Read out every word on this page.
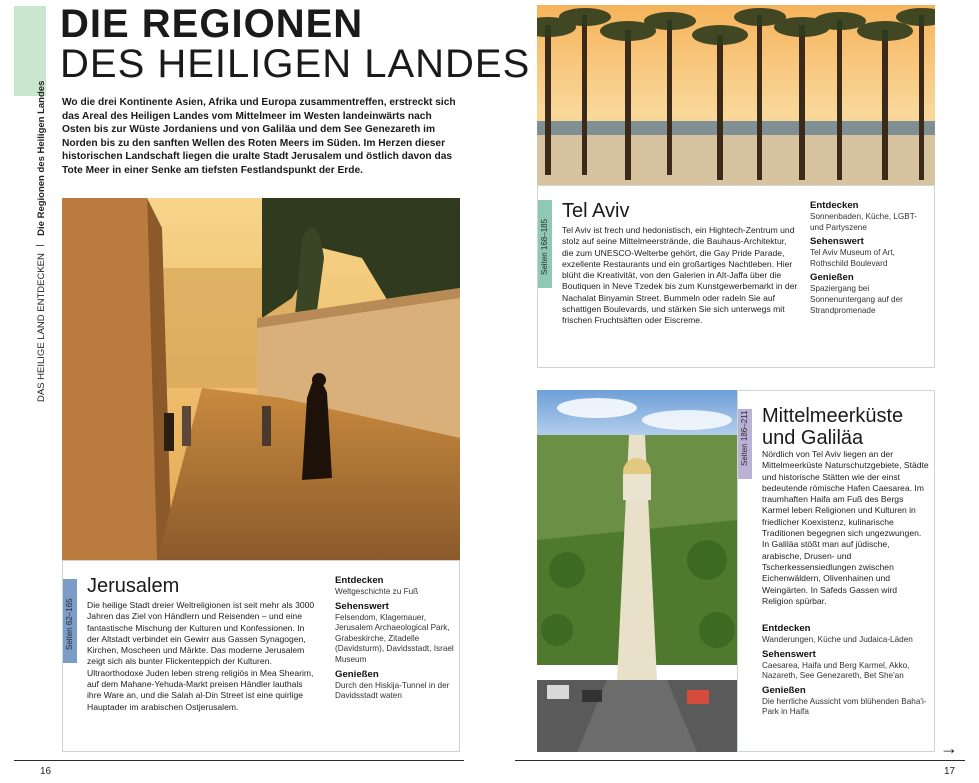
DIE REGIONEN
DES HEILIGEN LANDES
DAS HEILIGE LAND ENTDECKEN  Die Regionen des Heiligen Landes Wo die drei Kontinente Asien, Afrika und Europa zusammentreffen, erstreckt sich das Areal des Heiligen Landes vom Mittelmeer im Westen landeinwärts nach Osten bis zur Wüste Jordaniens und von Galiläa und dem See Genezareth im Norden bis zu den sanften Wellen des Roten Meers im Süden. Im Herzen dieser historischen Landschaft liegen die uralte Stadt Jerusalem und östlich davon das Tote Meer in einer Senke am tiefsten Festlandspunkt der Erde.
Seiten 62–165
Jerusalem
Die heilige Stadt dreier Weltreligionen ist seit mehr als 3000 Jahren das Ziel von Händlern und Reisenden – und eine fantastische Mischung der Kulturen und Konfessionen. In der Altstadt verbindet ein Gewirr aus Gassen Synagogen, Kirchen, Moscheen und Märkte. Das moderne Jerusalem zeigt sich als bunter Flickenteppich der Kulturen. Ultraorthodoxe Juden leben streng religiös in Mea Shearim, auf dem Mahane-Yehuda-Markt preisen Händler lauthals ihre Ware an, und die Salah al-Din Street ist eine quirlige Hauptader im arabischen Ostjerusalem.
Entdecken
Weltgeschichte zu Fuß
Sehenswert
Felsendom, Klagemauer, Jerusalem Archaeological Park, Grabeskirche, Zitadelle (Davidsturm), Davidsstadt, Israel Museum
Genießen
Durch den Hiskija-Tunnel in der Davidsstadt waten
16
Seiten 168–185
Tel Aviv
Tel Aviv ist frech und hedonistisch, ein Hightech-Zentrum und stolz auf seine Mittelmeerstrände, die Bauhaus-Architektur, die zum UNESCO-Welterbe gehört, die Gay Pride Parade, exzellente Restaurants und ein großartiges Nachtleben. Hier blüht die Kreativität, von den Galerien in Alt-Jaffa über die Boutiquen in Neve Tzedek bis zum Kunstgewerbemarkt in der Nachalat Binyamin Street. Bummeln oder radeln Sie auf schattigen Boulevards, und stärken Sie sich unterwegs mit frischen Fruchtsäften oder Eiscreme.
Entdecken
Sonnenbaden, Küche, LGBT- und Partyszene
Sehenswert
Tel Aviv Museum of Art, Rothschild Boulevard
Genießen
Spaziergang bei Sonnenuntergang auf der Strandpromenade
Seiten 186–211 Mittelmeerküste und Galiläa
Nördlich von Tel Aviv liegen an der Mittelmeerküste Naturschutzgebiete, Städte und historische Stätten wie der einst bedeutende römische Hafen Caesarea. Im traumhaften Haifa am Fuß des Bergs Karmel leben Religionen und Kulturen in friedlicher Koexistenz, kulinarische Traditionen begegnen sich ungezwungen. In Galiläa stößt man auf jüdische, arabische, Drusen- und Tscherkessensiedlungen zwischen Eichenwäldern, Olivenhainen und Weingärten. In Safeds Gassen wird Religion spürbar.
Entdecken
Wanderungen, Küche und Judaica-Läden
Sehenswert
Caesarea, Haifa und Berg Karmel, Akko, Nazareth, See Genezareth, Bet She'an
Genießen
Die herrliche Aussicht vom blühenden Baha'i-Park in Haifa
→
17
